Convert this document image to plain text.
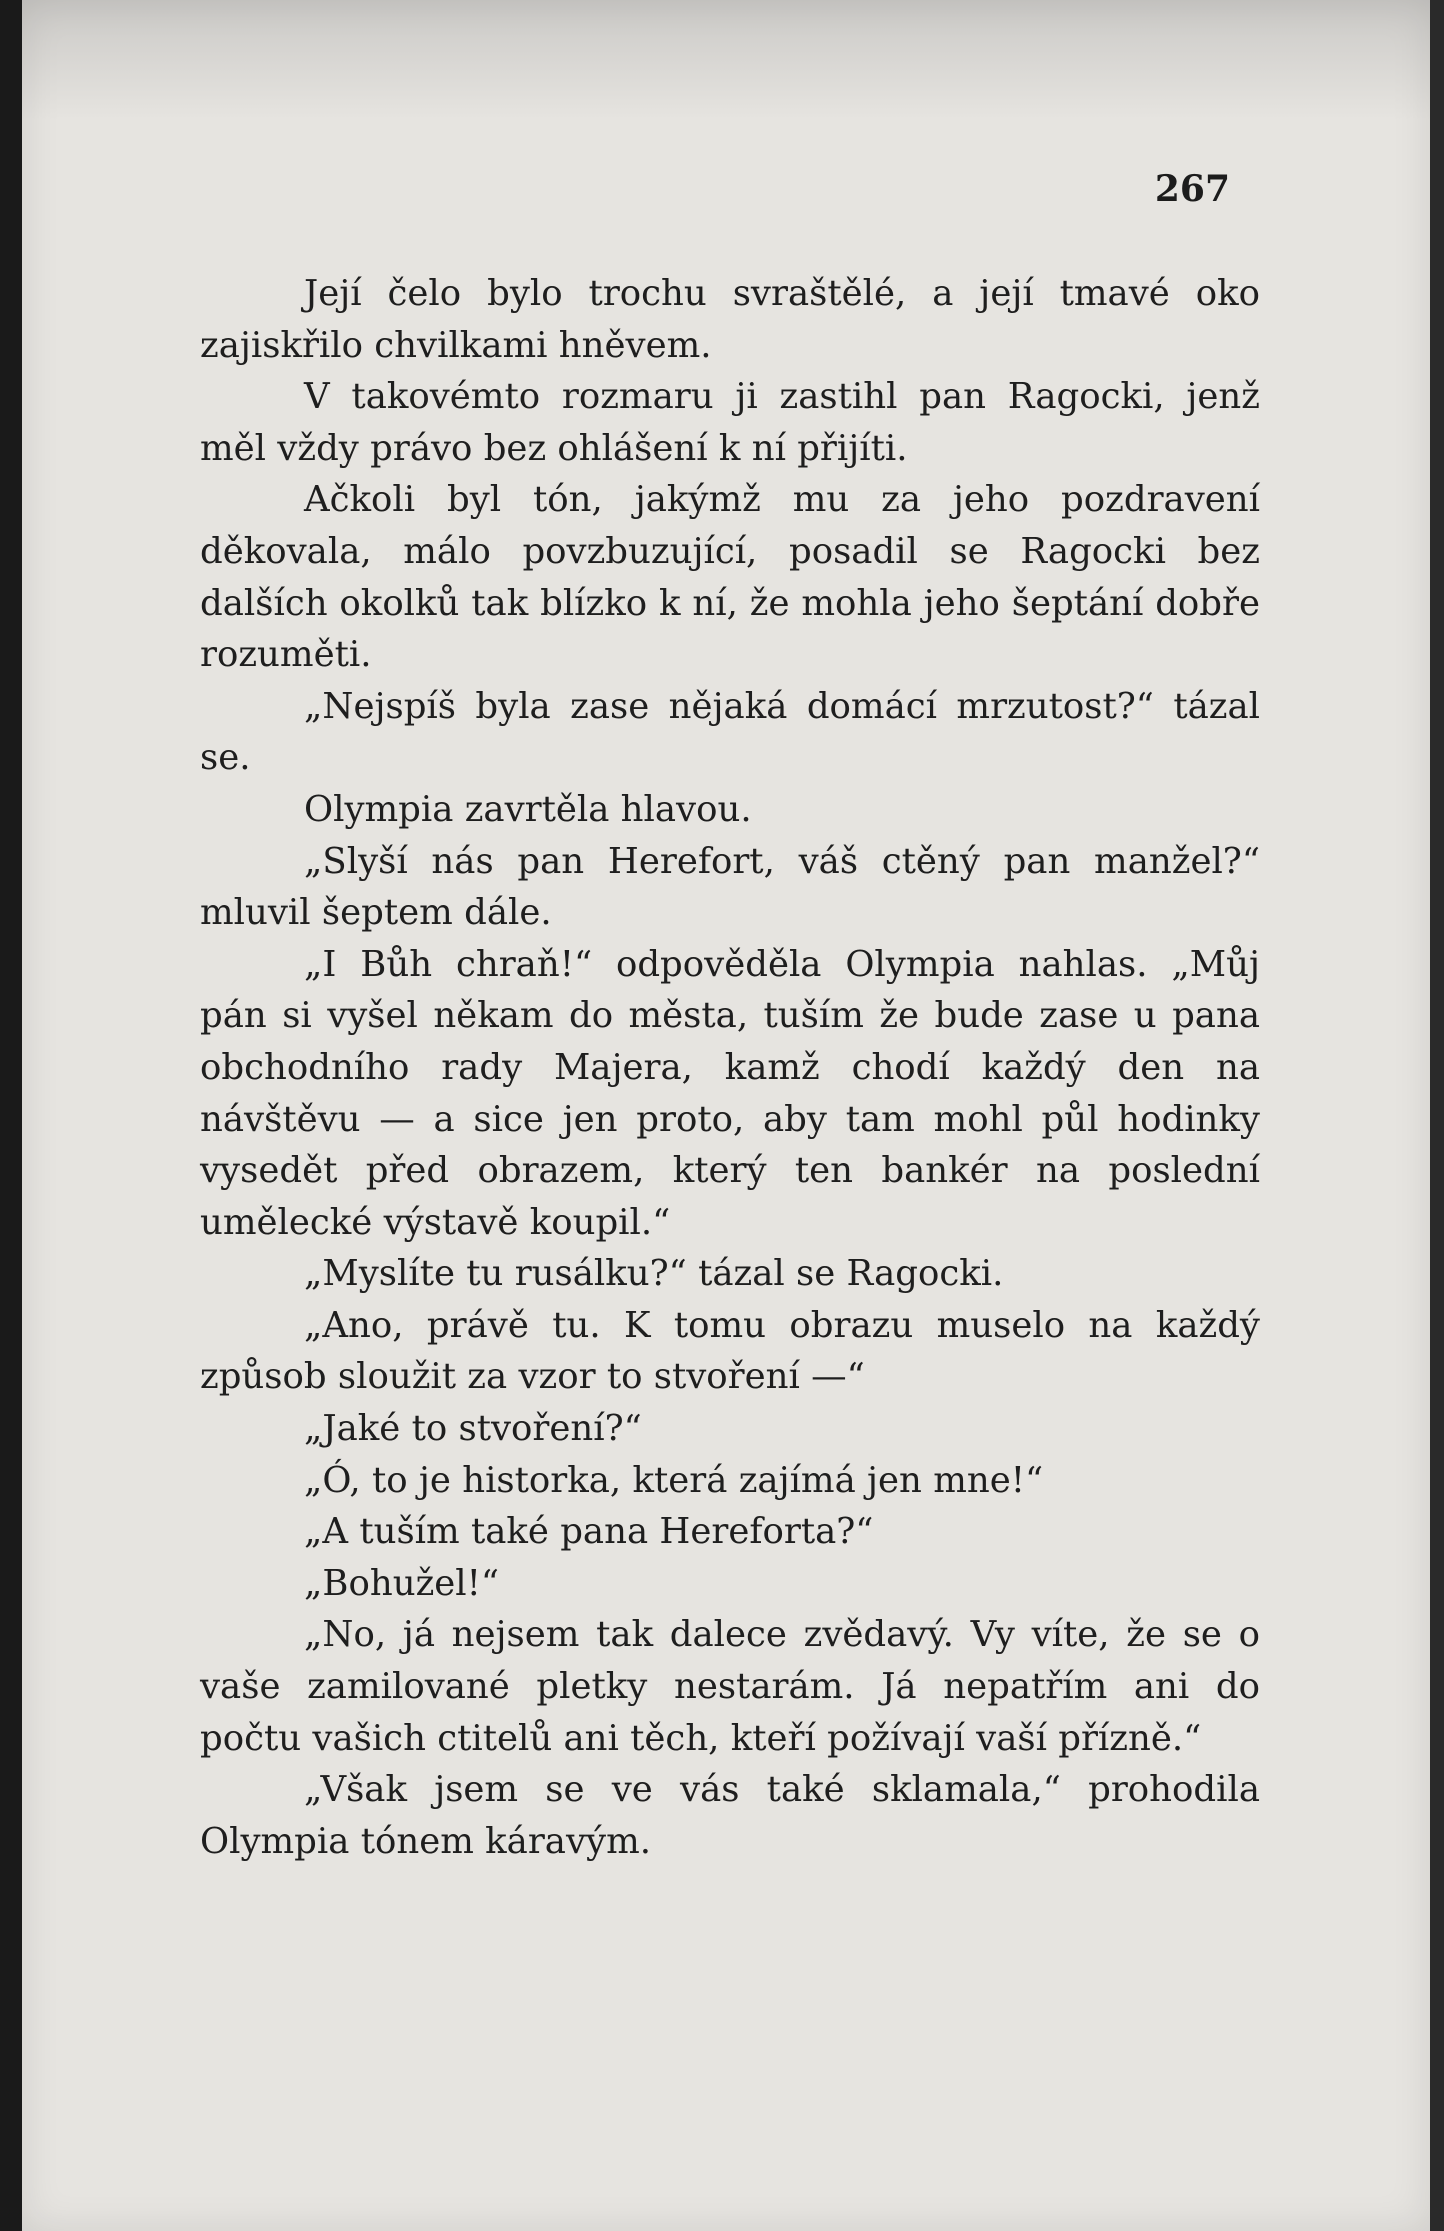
267

Její čelo bylo trochu svraštělé, a její tmavé oko zajiskřilo chvilkami hněvem.

V takovémto rozmaru ji zastihl pan Ragocki, jenž měl vždy právo bez ohlášení k ní přijíti.

Ačkoli byl tón, jakýmž mu za jeho pozdravení děkovala, málo povzbuzující, posadil se Ragocki bez dalších okolků tak blízko k ní, že mohla jeho šeptání dobře rozuměti.

„Nejspíš byla zase nějaká domácí mrzutost?“ tázal se.

Olympia zavrtěla hlavou.

„Slyší nás pan Herefort, váš ctěný pan manžel?“ mluvil šeptem dále.

„I Bůh chraň!“ odpověděla Olympia nahlas. „Můj pán si vyšel někam do města, tuším že bude zase u pana obchodního rady Majera, kamž chodí každý den na návštěvu — a sice jen proto, aby tam mohl půl hodinky vysedět před obrazem, který ten bankér na poslední umělecké výstavě koupil.“

„Myslíte tu rusálku?“ tázal se Ragocki.

„Ano, právě tu. K tomu obrazu muselo na každý způsob sloužit za vzor to stvoření —“

„Jaké to stvoření?“

„Ó, to je historka, která zajímá jen mne!“

„A tuším také pana Hereforta?“

„Bohužel!“

„No, já nejsem tak dalece zvědavý. Vy víte, že se o vaše zamilované pletky nestarám. Já nepatřím ani do počtu vašich ctitelů ani těch, kteří požívají vaší přízně.“

„Však jsem se ve vás také sklamala,“ prohodila Olympia tónem káravým.
